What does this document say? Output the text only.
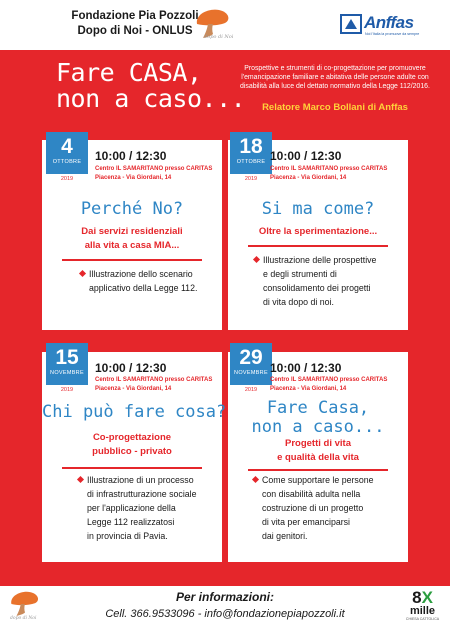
Fondazione Pia Pozzoli
Dopo di Noi - ONLUS	dopo di Noi
Anffas
Noi l'Italia la promuove da sempre
Fare CASA,
non a caso...
Prospettive e strumenti di co-progettazione per promuovere l'emancipazione familiare e abitativa delle persone adulte con disabilità alla luce del dettato normativo della Legge 112/2016.
Relatore Marco Bollani di Anffas
4
OTTOBRE
2019
10:00 / 12:30
Centro IL SAMARITANO presso CARITAS
Piacenza - Via Giordani, 14
Perché No?
Dai servizi residenziali
alla vita a casa MIA...
Illustrazione dello scenario
applicativo della Legge 112.
18
OTTOBRE
2019
10:00 / 12:30
Centro IL SAMARITANO presso CARITAS
Piacenza - Via Giordani, 14
Si ma come?
Oltre la sperimentazione...
Illustrazione delle prospettive
e degli strumenti di
consolidamento dei progetti
di vita dopo di noi.
15
NOVEMBRE
2019
10:00 / 12:30
Centro IL SAMARITANO presso CARITAS
Piacenza - Via Giordani, 14
Chi può fare cosa?
Co-progettazione
pubblico - privato
Illustrazione di un processo
di infrastrutturazione sociale
per l'applicazione della
Legge 112 realizzatosi
in provincia di Pavia.
29
NOVEMBRE
2019
10:00 / 12:30
Centro IL SAMARITANO presso CARITAS
Piacenza - Via Giordani, 14
Fare Casa,
non a caso...
Progetti di vita
e qualità della vita
Come supportare le persone
con disabilità adulta nella
costruzione di un progetto
di vita per emanciparsi
dai genitori.
dopo di Noi
Per informazioni:
Cell. 366.9533096 - info@fondazionepiapozzoli.it
8X
mille
CHIESA CATTOLICA
